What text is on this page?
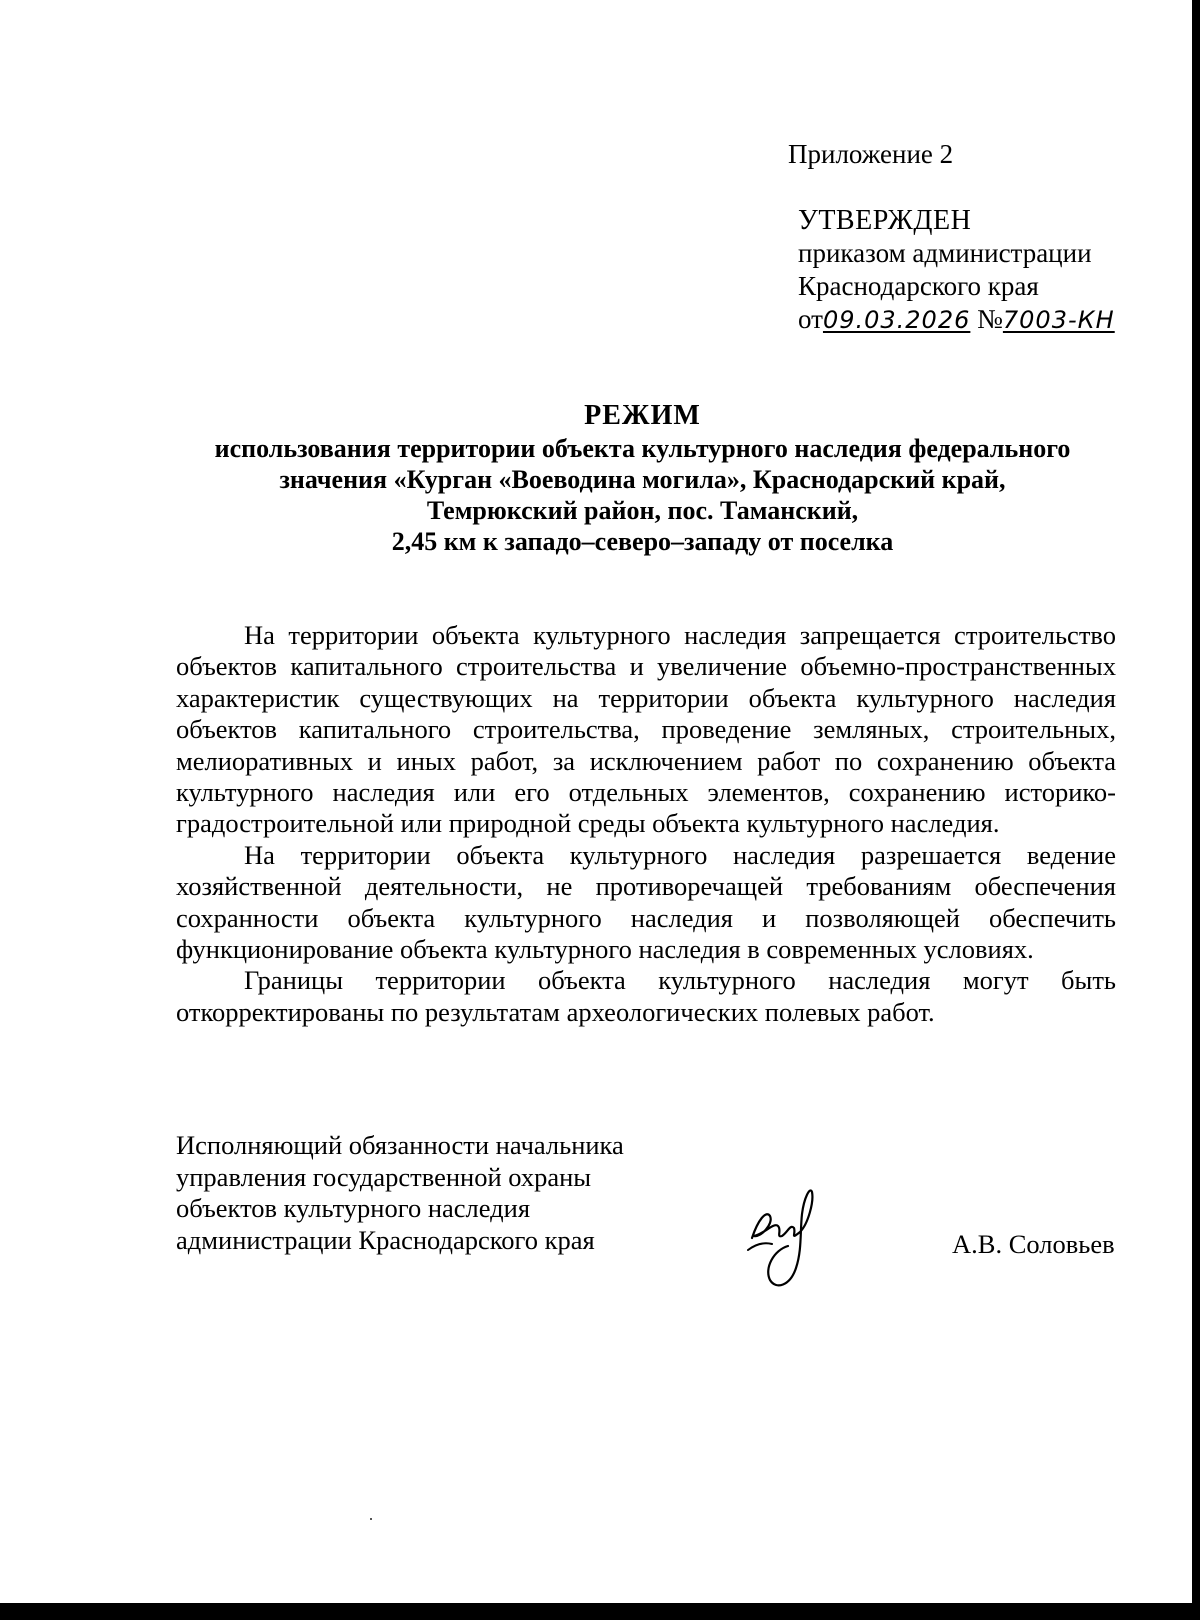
Приложение 2
УТВЕРЖДЕН
приказом администрации
Краснодарского края
от09.03.2026 №7003-КН
РЕЖИМ
использования территории объекта культурного наследия федерального
значения «Курган «Воеводина могила», Краснодарский край,
Темрюкский район, пос. Таманский,
2,45 км к западо–северо–западу от поселка

На территории объекта культурного наследия запрещается строительство объектов капитального строительства и увеличение объемно-пространственных характеристик существующих на территории объекта культурного наследия объектов капитального строительства, проведение земляных, строительных, мелиоративных и иных работ, за исключением работ по сохранению объекта культурного наследия или его отдельных элементов, сохранению историко-градостроительной или природной среды объекта культурного наследия.

На территории объекта культурного наследия разрешается ведение хозяйственной деятельности, не противоречащей требованиям обеспечения сохранности объекта культурного наследия и позволяющей обеспечить функционирование объекта культурного наследия в современных условиях.

Границы территории объекта культурного наследия могут быть откорректированы по результатам археологических полевых работ.

Исполняющий обязанности начальника
управления государственной охраны
объектов культурного наследия
администрации Краснодарского края	А.В. Соловьев
